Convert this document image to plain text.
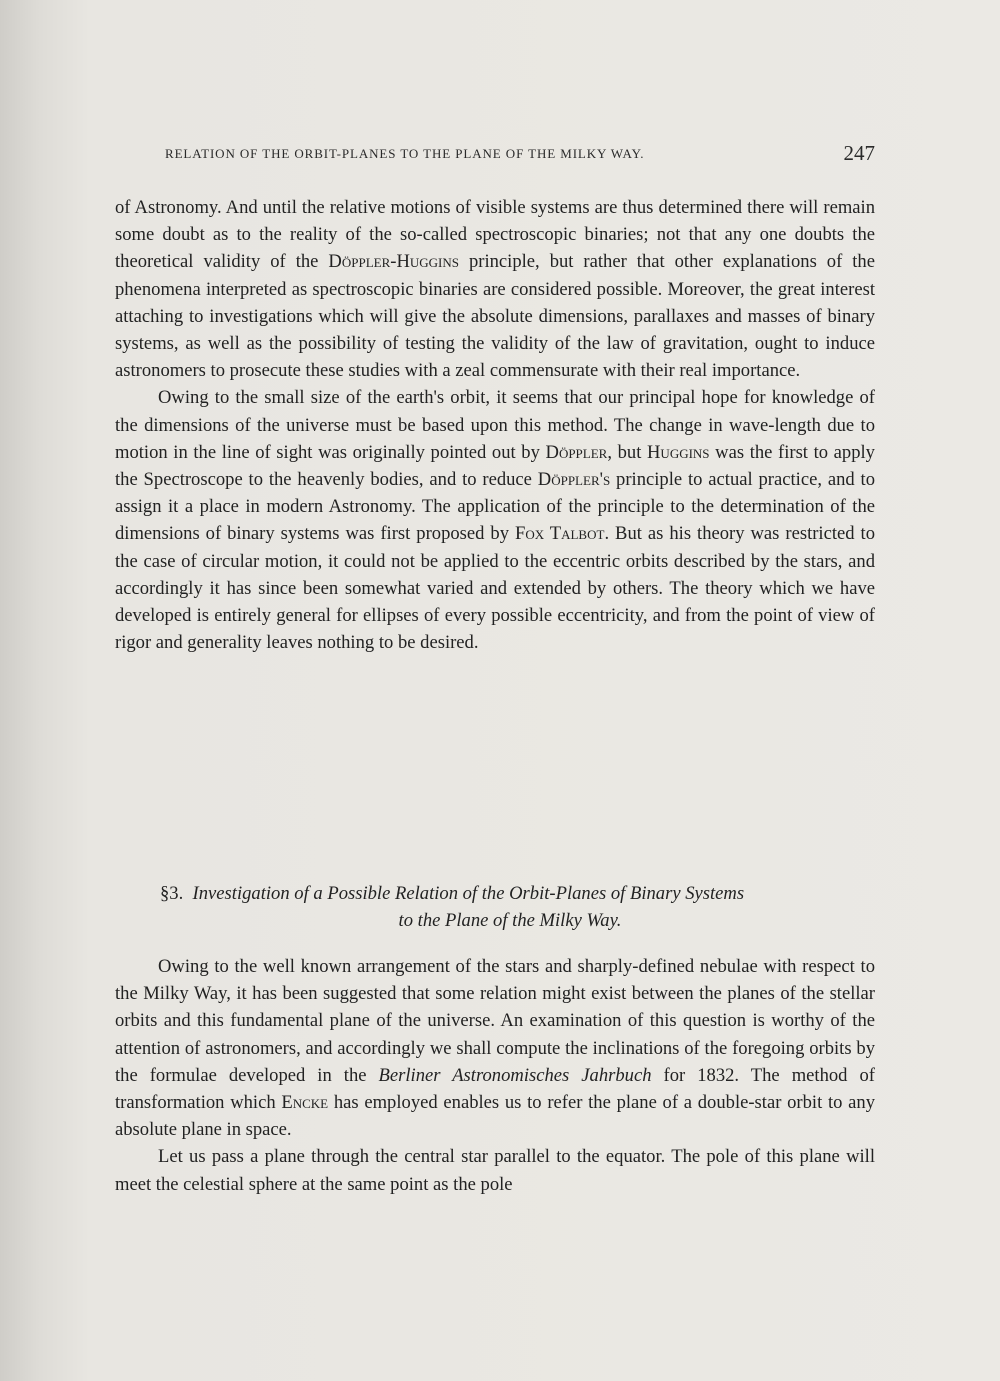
RELATION OF THE ORBIT-PLANES TO THE PLANE OF THE MILKY WAY.	247

of Astronomy. And until the relative motions of visible systems are thus determined there will remain some doubt as to the reality of the so-called spectroscopic binaries; not that any one doubts the theoretical validity of the Döppler-Huggins principle, but rather that other explanations of the phenomena interpreted as spectroscopic binaries are considered possible. Moreover, the great interest attaching to investigations which will give the absolute dimensions, parallaxes and masses of binary systems, as well as the possibility of testing the validity of the law of gravitation, ought to induce astronomers to prosecute these studies with a zeal commensurate with their real importance.

Owing to the small size of the earth's orbit, it seems that our principal hope for knowledge of the dimensions of the universe must be based upon this method. The change in wave-length due to motion in the line of sight was originally pointed out by Döppler, but Huggins was the first to apply the Spectroscope to the heavenly bodies, and to reduce Döppler's principle to actual practice, and to assign it a place in modern Astronomy. The application of the principle to the determination of the dimensions of binary systems was first proposed by Fox Talbot. But as his theory was restricted to the case of circular motion, it could not be applied to the eccentric orbits described by the stars, and accordingly it has since been somewhat varied and extended by others. The theory which we have developed is entirely general for ellipses of every possible eccentricity, and from the point of view of rigor and generality leaves nothing to be desired.

§3. Investigation of a Possible Relation of the Orbit-Planes of Binary Systems
to the Plane of the Milky Way.

Owing to the well known arrangement of the stars and sharply-defined nebulae with respect to the Milky Way, it has been suggested that some relation might exist between the planes of the stellar orbits and this fundamental plane of the universe. An examination of this question is worthy of the attention of astronomers, and accordingly we shall compute the inclinations of the foregoing orbits by the formulae developed in the Berliner Astronomisches Jahrbuch for 1832. The method of transformation which Encke has employed enables us to refer the plane of a double-star orbit to any absolute plane in space.

Let us pass a plane through the central star parallel to the equator. The pole of this plane will meet the celestial sphere at the same point as the pole
